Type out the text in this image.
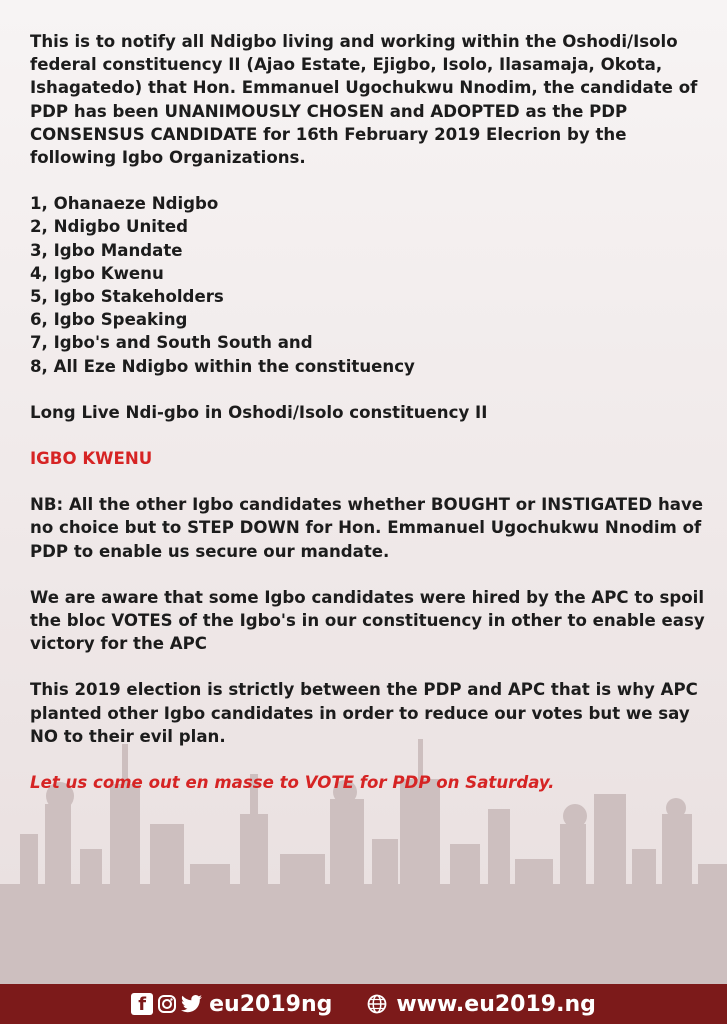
This is to notify all Ndigbo living and working within the Oshodi/Isolo federal constituency II (Ajao Estate, Ejigbo, Isolo, Ilasamaja, Okota, Ishagatedo) that Hon. Emmanuel Ugochukwu Nnodim, the candidate of PDP has been UNANIMOUSLY CHOSEN and ADOPTED as the PDP CONSENSUS CANDIDATE for 16th February 2019 Elecrion by the following Igbo Organizations.

1, Ohanaeze Ndigbo
2, Ndigbo United
3, Igbo Mandate
4, Igbo Kwenu
5, Igbo Stakeholders
6, Igbo Speaking
7, Igbo's and South South and
8, All Eze Ndigbo within the constituency

Long Live Ndi-gbo in Oshodi/Isolo constituency II

IGBO KWENU

NB: All the other Igbo candidates whether BOUGHT or INSTIGATED have no choice but to STEP DOWN for Hon. Emmanuel Ugochukwu Nnodim of PDP to enable us secure our mandate.

We are aware that some Igbo candidates were hired by the APC to spoil the bloc VOTES of the Igbo's in our constituency in other to enable easy victory for the APC

This 2019 election is strictly between the PDP and APC that is why APC planted other Igbo candidates in order to reduce our votes but we say NO to their evil plan.

Let us come out en masse to VOTE for PDP on Saturday.

f	eu2019ng	www.eu2019.ng
